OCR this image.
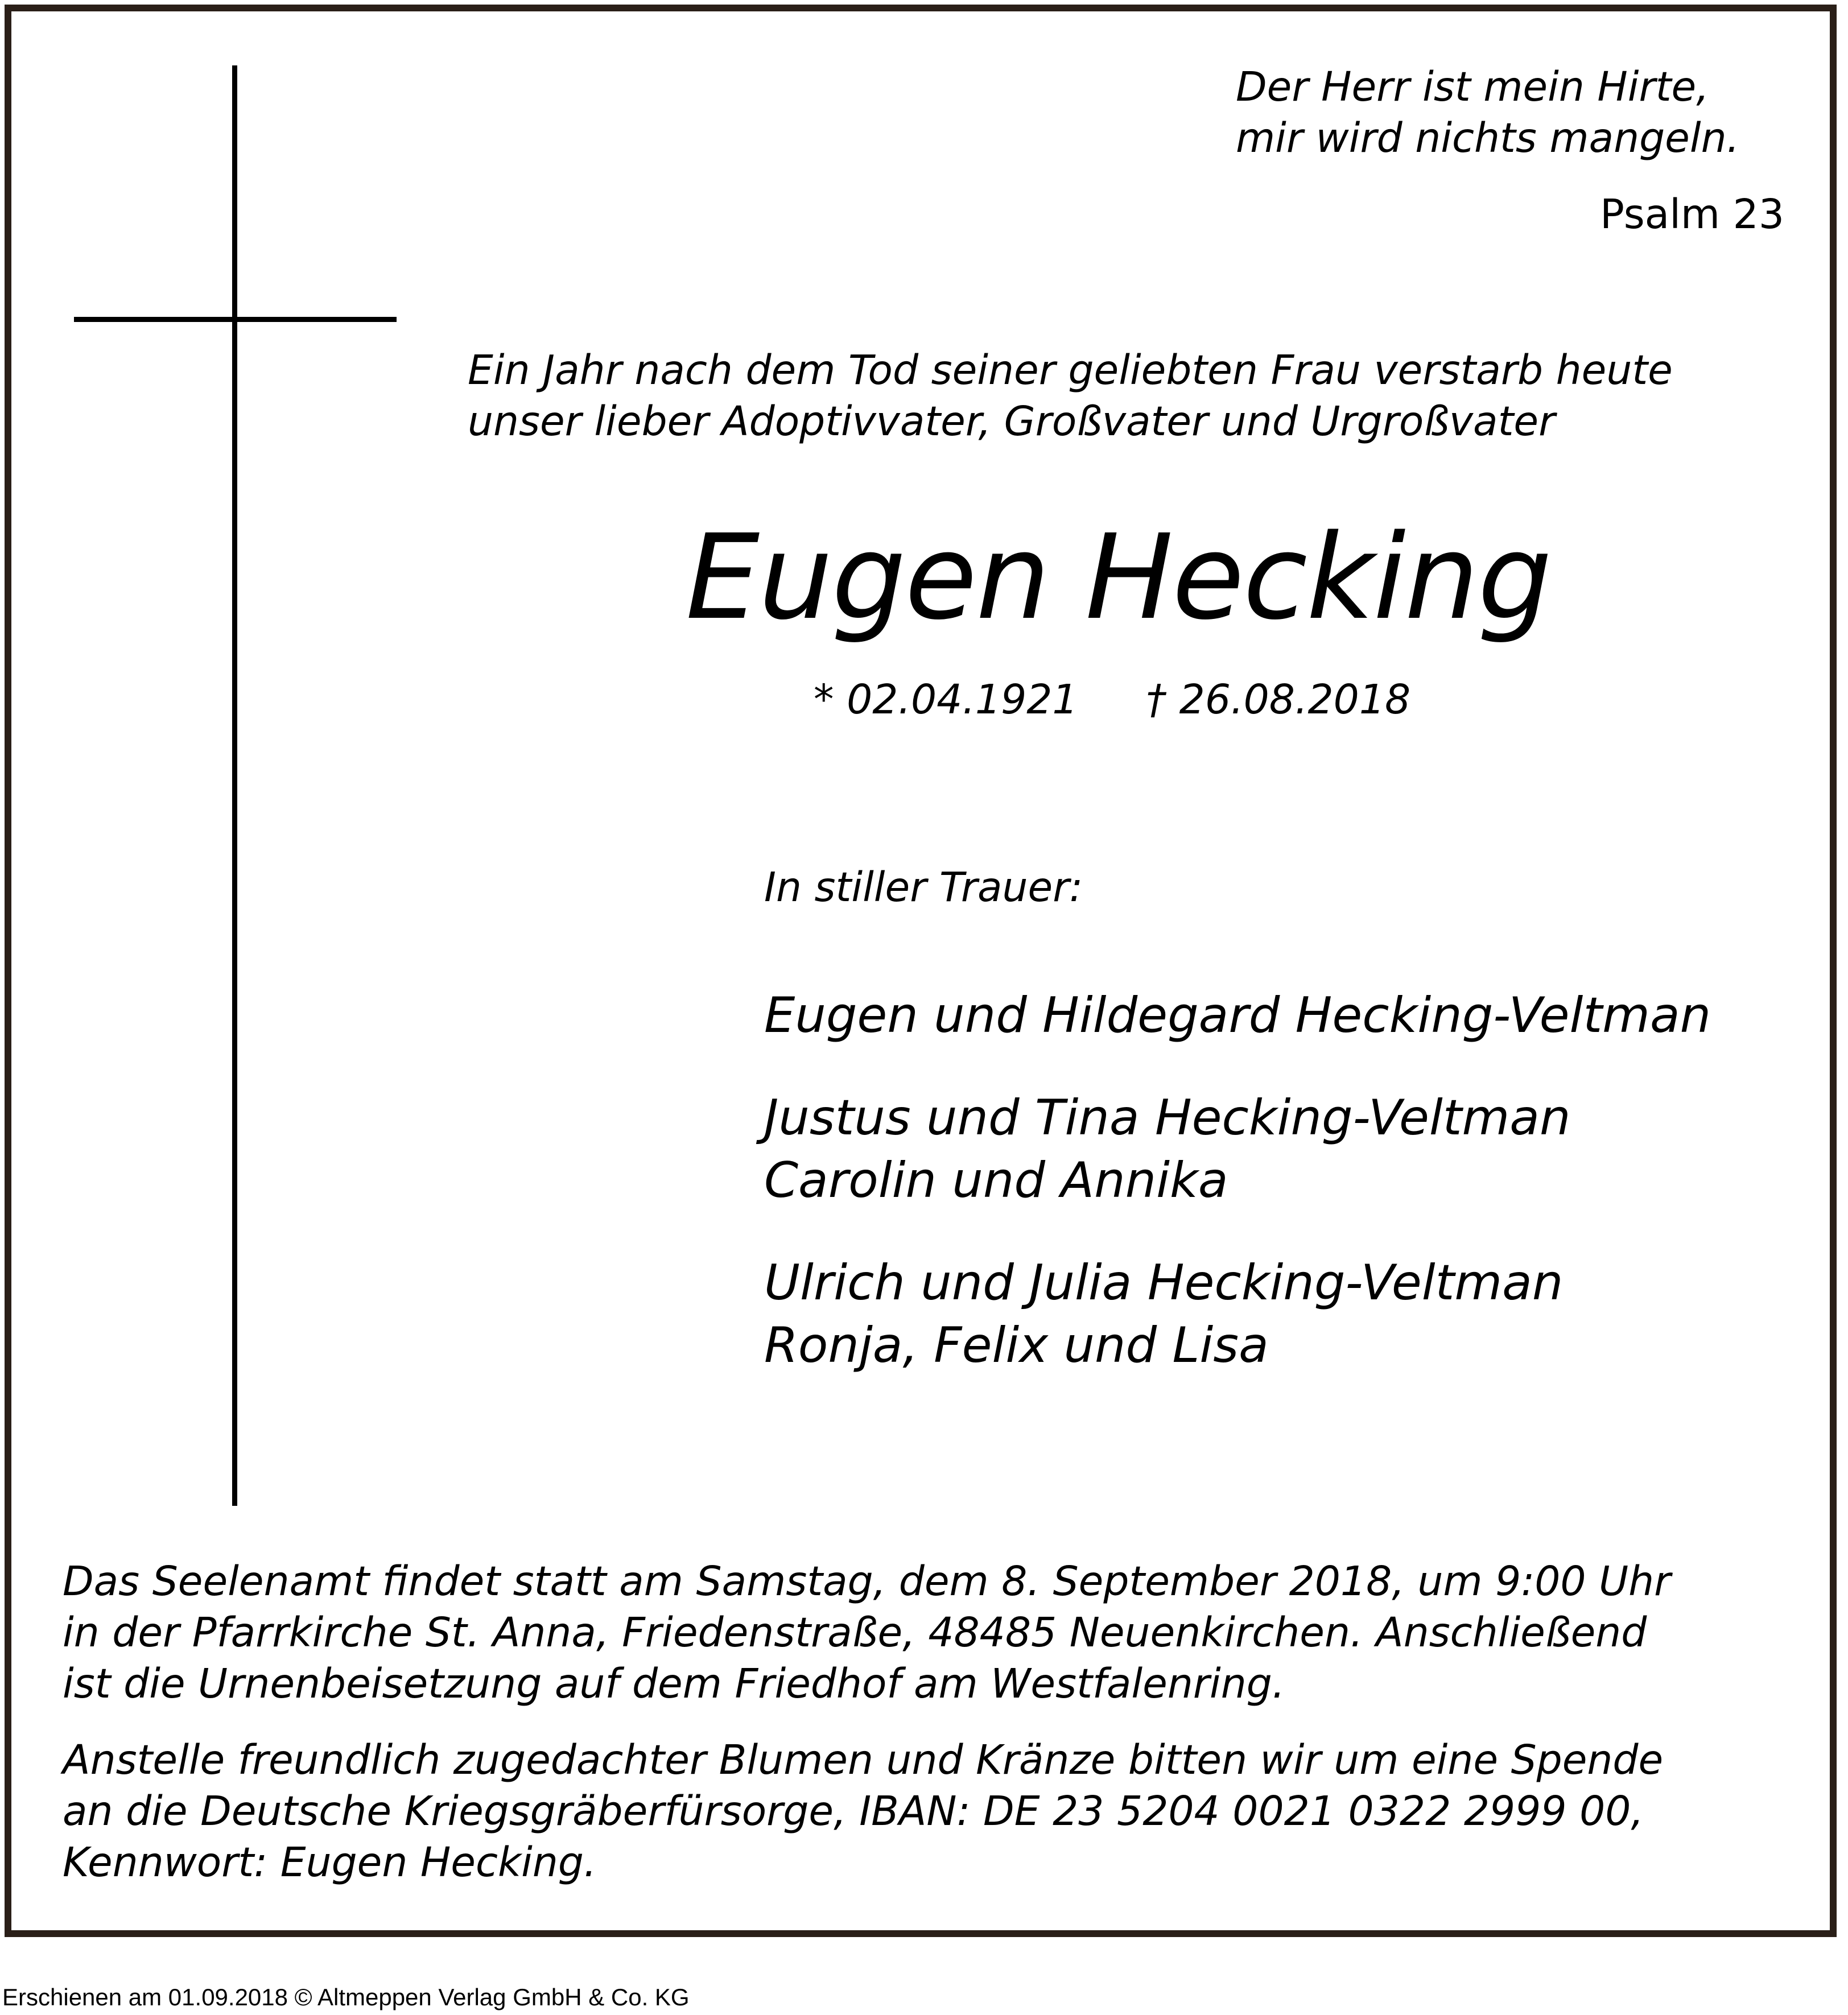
Der Herr ist mein Hirte,
mir wird nichts mangeln.
Psalm 23
Ein Jahr nach dem Tod seiner geliebten Frau verstarb heute
unser lieber Adoptivvater, Großvater und Urgroßvater
Eugen Hecking
* 02.04.1921 † 26.08.2018
In stiller Trauer:
Eugen und Hildegard Hecking-Veltman
Justus und Tina Hecking-Veltman
Carolin und Annika
Ulrich und Julia Hecking-Veltman
Ronja, Felix und Lisa

Das Seelenamt findet statt am Samstag, dem 8. September 2018, um 9:00 Uhr
in der Pfarrkirche St. Anna, Friedenstraße, 48485 Neuenkirchen. Anschließend
ist die Urnenbeisetzung auf dem Friedhof am Westfalenring.

Anstelle freundlich zugedachter Blumen und Kränze bitten wir um eine Spende
an die Deutsche Kriegsgräberfürsorge, IBAN: DE 23 5204 0021 0322 2999 00,
Kennwort: Eugen Hecking.

Erschienen am 01.09.2018 © Altmeppen Verlag GmbH & Co. KG
